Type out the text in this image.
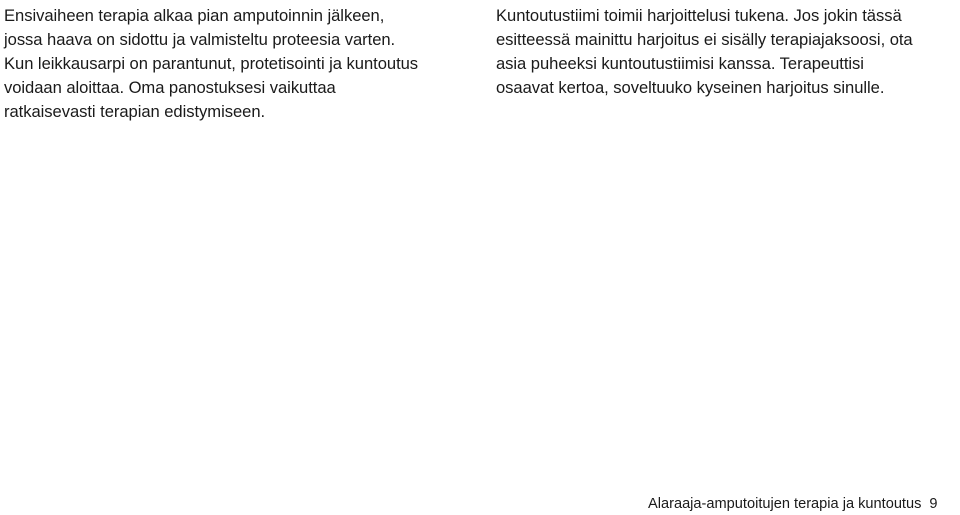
Ensivaiheen terapia alkaa pian amputoinnin jälkeen,
jossa haava on sidottu ja valmisteltu proteesia varten.
Kun leikkausarpi on parantunut, protetisointi ja kuntoutus
voidaan aloittaa. Oma panostuksesi vaikuttaa
ratkaisevasti terapian edistymiseen.
Kuntoutustiimi toimii harjoittelusi tukena. Jos jokin tässä
esitteessä mainittu harjoitus ei sisälly terapiajaksoosi, ota
asia puheeksi kuntoutustiimisi kanssa. Terapeuttisi
osaavat kertoa, soveltuuko kyseinen harjoitus sinulle.
Alaraaja-amputoitujen terapia ja kuntoutus 9
